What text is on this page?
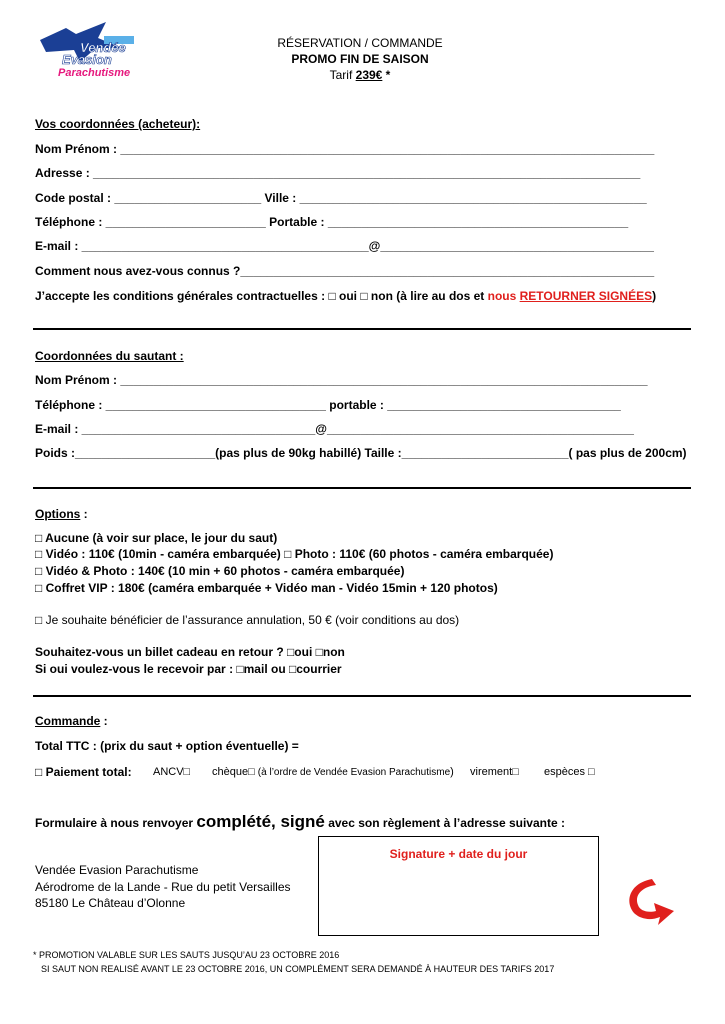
Vendée
Evasion
Parachutisme
RÉSERVATION / COMMANDE
PROMO FIN DE SAISON
Tarif 239€ *
Vos coordonnées (acheteur):
Nom Prénom : ________________________________________________________________________________
Adresse : __________________________________________________________________________________
Code postal : ______________________ Ville : ____________________________________________________
Téléphone : ________________________ Portable : _____________________________________________
E-mail : ___________________________________________@_________________________________________
Comment nous avez-vous connus ?______________________________________________________________
J’accepte les conditions générales contractuelles : □ oui □ non (à lire au dos et nous RETOURNER SIGNÉES)
Coordonnées du sautant :
Nom Prénom : _______________________________________________________________________________
Téléphone : _________________________________ portable : ___________________________________
E-mail : ___________________________________@______________________________________________
Poids :_____________________(pas plus de 90kg habillé) Taille :_________________________( pas plus de 200cm)
Options :
□ Aucune (à voir sur place, le jour du saut)
□ Vidéo : 110€ (10min - caméra embarquée) □ Photo : 110€ (60 photos - caméra embarquée)
□ Vidéo & Photo : 140€ (10 min + 60 photos - caméra embarquée)
□ Coffret VIP : 180€ (caméra embarquée + Vidéo man - Vidéo 15min + 120 photos)
□ Je souhaite bénéficier de l’assurance annulation, 50 € (voir conditions au dos)
Souhaitez-vous un billet cadeau en retour ? □oui □non
Si oui voulez-vous le recevoir par : □mail ou □courrier
Commande :
Total TTC : (prix du saut + option éventuelle) =
□ Paiement total: ANCV□ chèque□ (à l’ordre de Vendée Evasion Parachutisme) virement□ espèces □
Formulaire à nous renvoyer complété, signé avec son règlement à l’adresse suivante :
Vendée Evasion Parachutisme
Aérodrome de la Lande - Rue du petit Versailles
85180 Le Château d’Olonne
Signature + date du jour
* PROMOTION VALABLE SUR LES SAUTS JUSQU’AU 23 OCTOBRE 2016
SI SAUT NON REALISÉ AVANT LE 23 OCTOBRE 2016, UN COMPLÉMENT SERA DEMANDÉ À HAUTEUR DES TARIFS 2017
